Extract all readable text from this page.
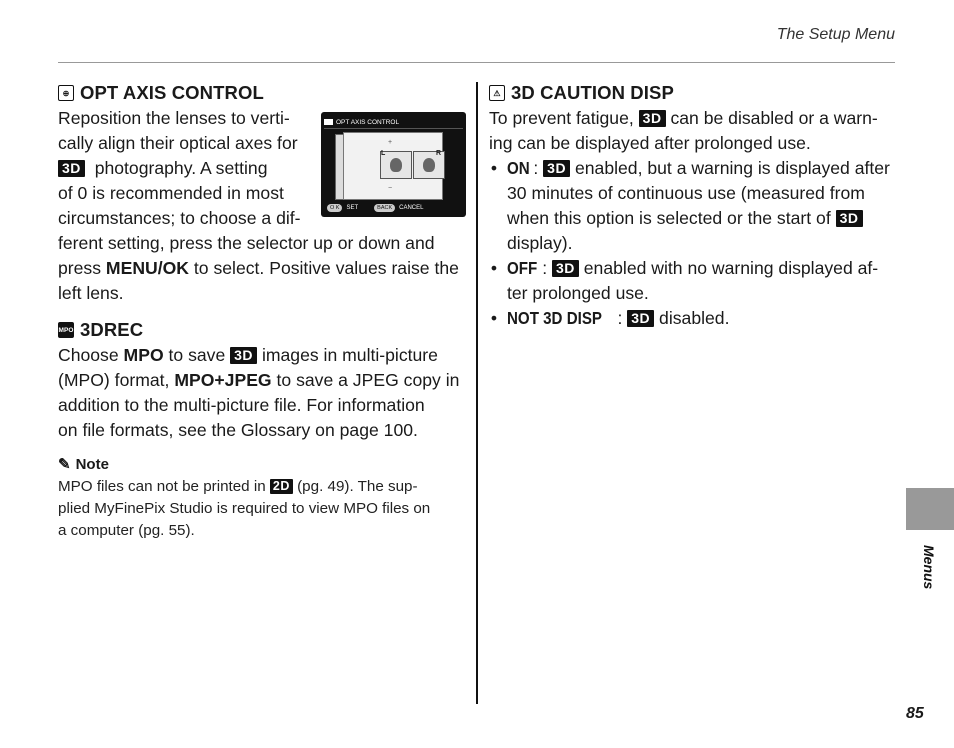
The Setup Menu
⊕ OPT AXIS CONTROL
Reposition the lenses to verti-
cally align their optical axes for
3D photography. A setting
of 0 is recommended in most
circumstances; to choose a dif-
ferent setting, press the selector up or down and
press MENU/OK to select. Positive values raise the
left lens.
OPT AXIS CONTROL
+
L	R
−
O K	SET	BACK	CANCEL
MPO 3DREC
Choose MPO to save 3D images in multi-picture
(MPO) format, MPO+JPEG to save a JPEG copy in
addition to the multi-picture file. For information
on file formats, see the Glossary on page 100.
✎ Note
MPO files can not be printed in 2D (pg. 49). The sup-
plied MyFinePix Studio is required to view MPO files on
a computer (pg. 55).
⚠ 3D CAUTION DISP
To prevent fatigue, 3D can be disabled or a warn-
ing can be displayed after prolonged use.
• ON : 3D enabled, but a warning is displayed after
30 minutes of continuous use (measured from
when this option is selected or the start of 3D
display).
• OFF : 3D enabled with no warning displayed af-
ter prolonged use.
• NOT 3D DISP : 3D disabled.
Menus
85
